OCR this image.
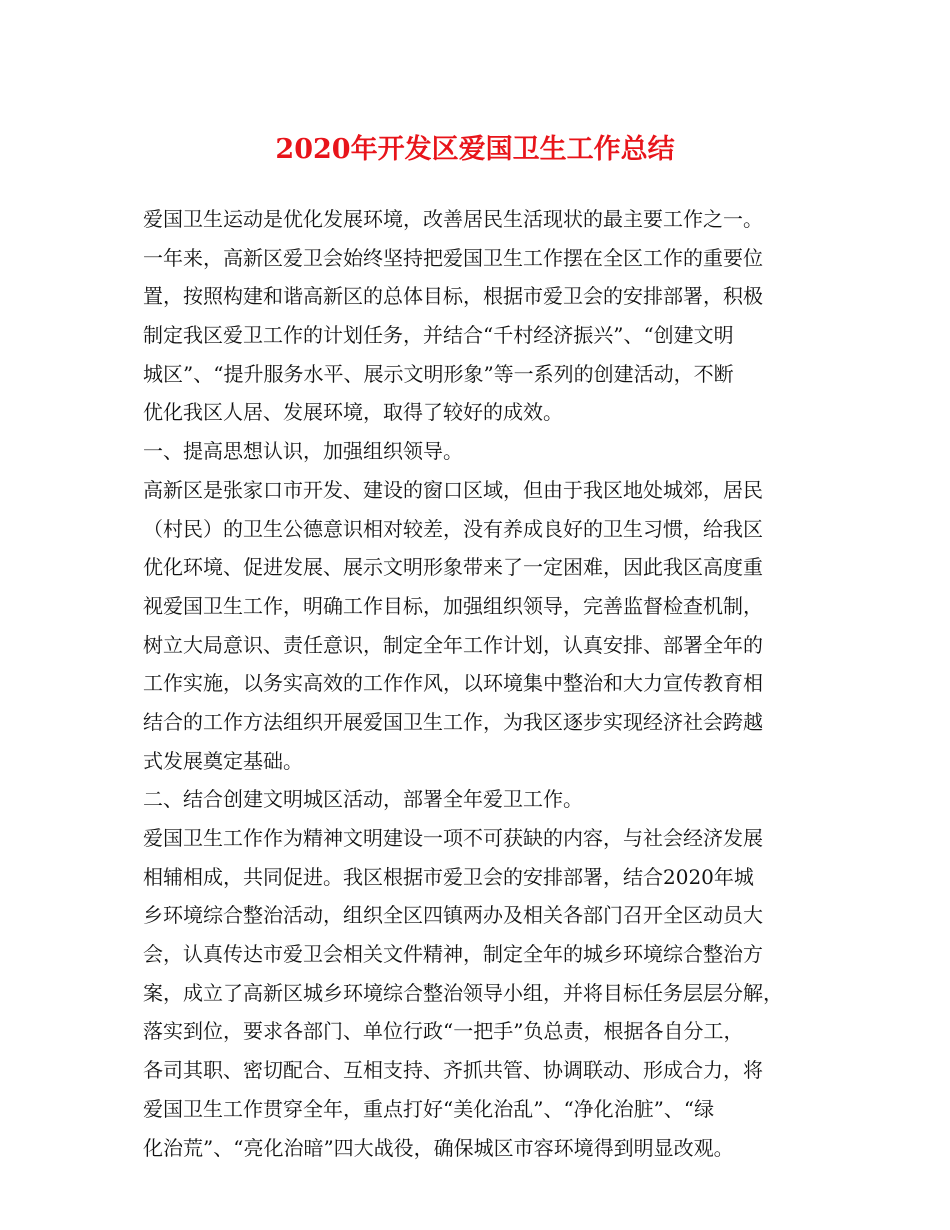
2020年开发区爱国卫生工作总结
爱国卫生运动是优化发展环境，改善居民生活现状的最主要工作之一。
一年来，高新区爱卫会始终坚持把爱国卫生工作摆在全区工作的重要位
置，按照构建和谐高新区的总体目标，根据市爱卫会的安排部署，积极
制定我区爱卫工作的计划任务，并结合“千村经济振兴”、“创建文明
城区”、“提升服务水平、展示文明形象”等一系列的创建活动，不断
优化我区人居、发展环境，取得了较好的成效。
一、提高思想认识，加强组织领导。
高新区是张家口市开发、建设的窗口区域，但由于我区地处城郊，居民
（村民）的卫生公德意识相对较差，没有养成良好的卫生习惯，给我区
优化环境、促进发展、展示文明形象带来了一定困难，因此我区高度重
视爱国卫生工作，明确工作目标，加强组织领导，完善监督检查机制，
树立大局意识、责任意识，制定全年工作计划，认真安排、部署全年的
工作实施，以务实高效的工作作风，以环境集中整治和大力宣传教育相
结合的工作方法组织开展爱国卫生工作，为我区逐步实现经济社会跨越
式发展奠定基础。
二、结合创建文明城区活动，部署全年爱卫工作。
爱国卫生工作作为精神文明建设一项不可获缺的内容，与社会经济发展
相辅相成，共同促进。我区根据市爱卫会的安排部署，结合2020年城
乡环境综合整治活动，组织全区四镇两办及相关各部门召开全区动员大
会，认真传达市爱卫会相关文件精神，制定全年的城乡环境综合整治方
案，成立了高新区城乡环境综合整治领导小组，并将目标任务层层分解，
落实到位，要求各部门、单位行政“一把手”负总责，根据各自分工，
各司其职、密切配合、互相支持、齐抓共管、协调联动、形成合力，将
爱国卫生工作贯穿全年，重点打好“美化治乱”、“净化治脏”、“绿
化治荒”、“亮化治暗”四大战役，确保城区市容环境得到明显改观。
